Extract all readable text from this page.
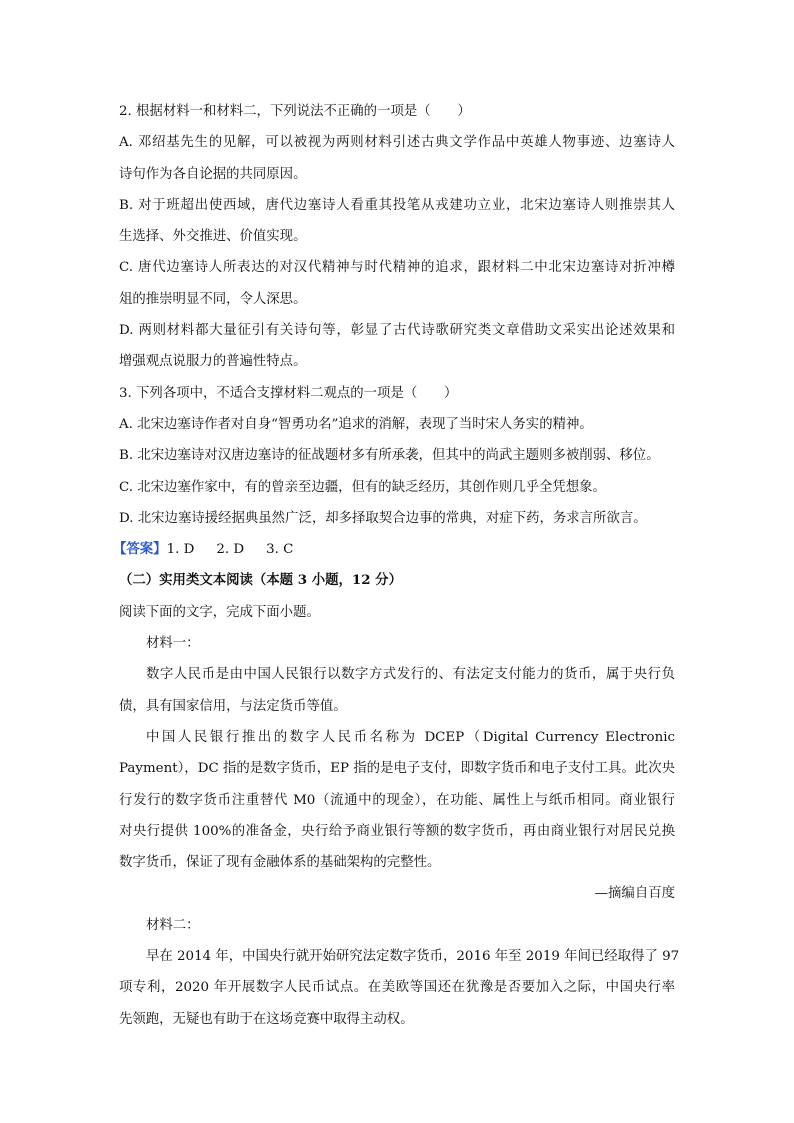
2. 根据材料一和材料二，下列说法不正确的一项是（　　）
A. 邓绍基先生的见解，可以被视为两则材料引述古典文学作品中英雄人物事迹、边塞诗人
诗句作为各自论据的共同原因。
B. 对于班超出使西域，唐代边塞诗人看重其投笔从戎建功立业，北宋边塞诗人则推崇其人
生选择、外交推进、价值实现。
C. 唐代边塞诗人所表达的对汉代精神与时代精神的追求，跟材料二中北宋边塞诗对折冲樽
俎的推崇明显不同，令人深思。
D. 两则材料都大量征引有关诗句等，彰显了古代诗歌研究类文章借助文采实出论述效果和
增强观点说服力的普遍性特点。
3. 下列各项中，不适合支撑材料二观点的一项是（　　）
A. 北宋边塞诗作者对自身“智勇功名”追求的消解，表现了当时宋人务实的精神。
B. 北宋边塞诗对汉唐边塞诗的征战题材多有所承袭，但其中的尚武主题则多被削弱、移位。
C. 北宋边塞作家中，有的曾亲至边疆，但有的缺乏经历，其创作则几乎全凭想象。
D. 北宋边塞诗援经据典虽然广泛，却多择取契合边事的常典，对症下药，务求言所欲言。
【答案】1. D 2. D 3. C
（二）实用类文本阅读（本题 3 小题，12 分）
阅读下面的文字，完成下面小题。
材料一：
数字人民币是由中国人民银行以数字方式发行的、有法定支付能力的货币，属于央行负
债，具有国家信用，与法定货币等值。
中国人民银行推出的数字人民币名称为 DCEP（Digital Currency Electronic
Payment），DC 指的是数字货币，EP 指的是电子支付，即数字货币和电子支付工具。此次央
行发行的数字货币注重替代 M0（流通中的现金），在功能、属性上与纸币相同。商业银行
对央行提供 100%的准备金，央行给予商业银行等额的数字货币，再由商业银行对居民兑换
数字货币，保证了现有金融体系的基础架构的完整性。
—摘编自百度
材料二：
早在 2014 年，中国央行就开始研究法定数字货币，2016 年至 2019 年间已经取得了 97
项专利，2020 年开展数字人民币试点。在美欧等国还在犹豫是否要加入之际，中国央行率
先领跑，无疑也有助于在这场竞赛中取得主动权。
